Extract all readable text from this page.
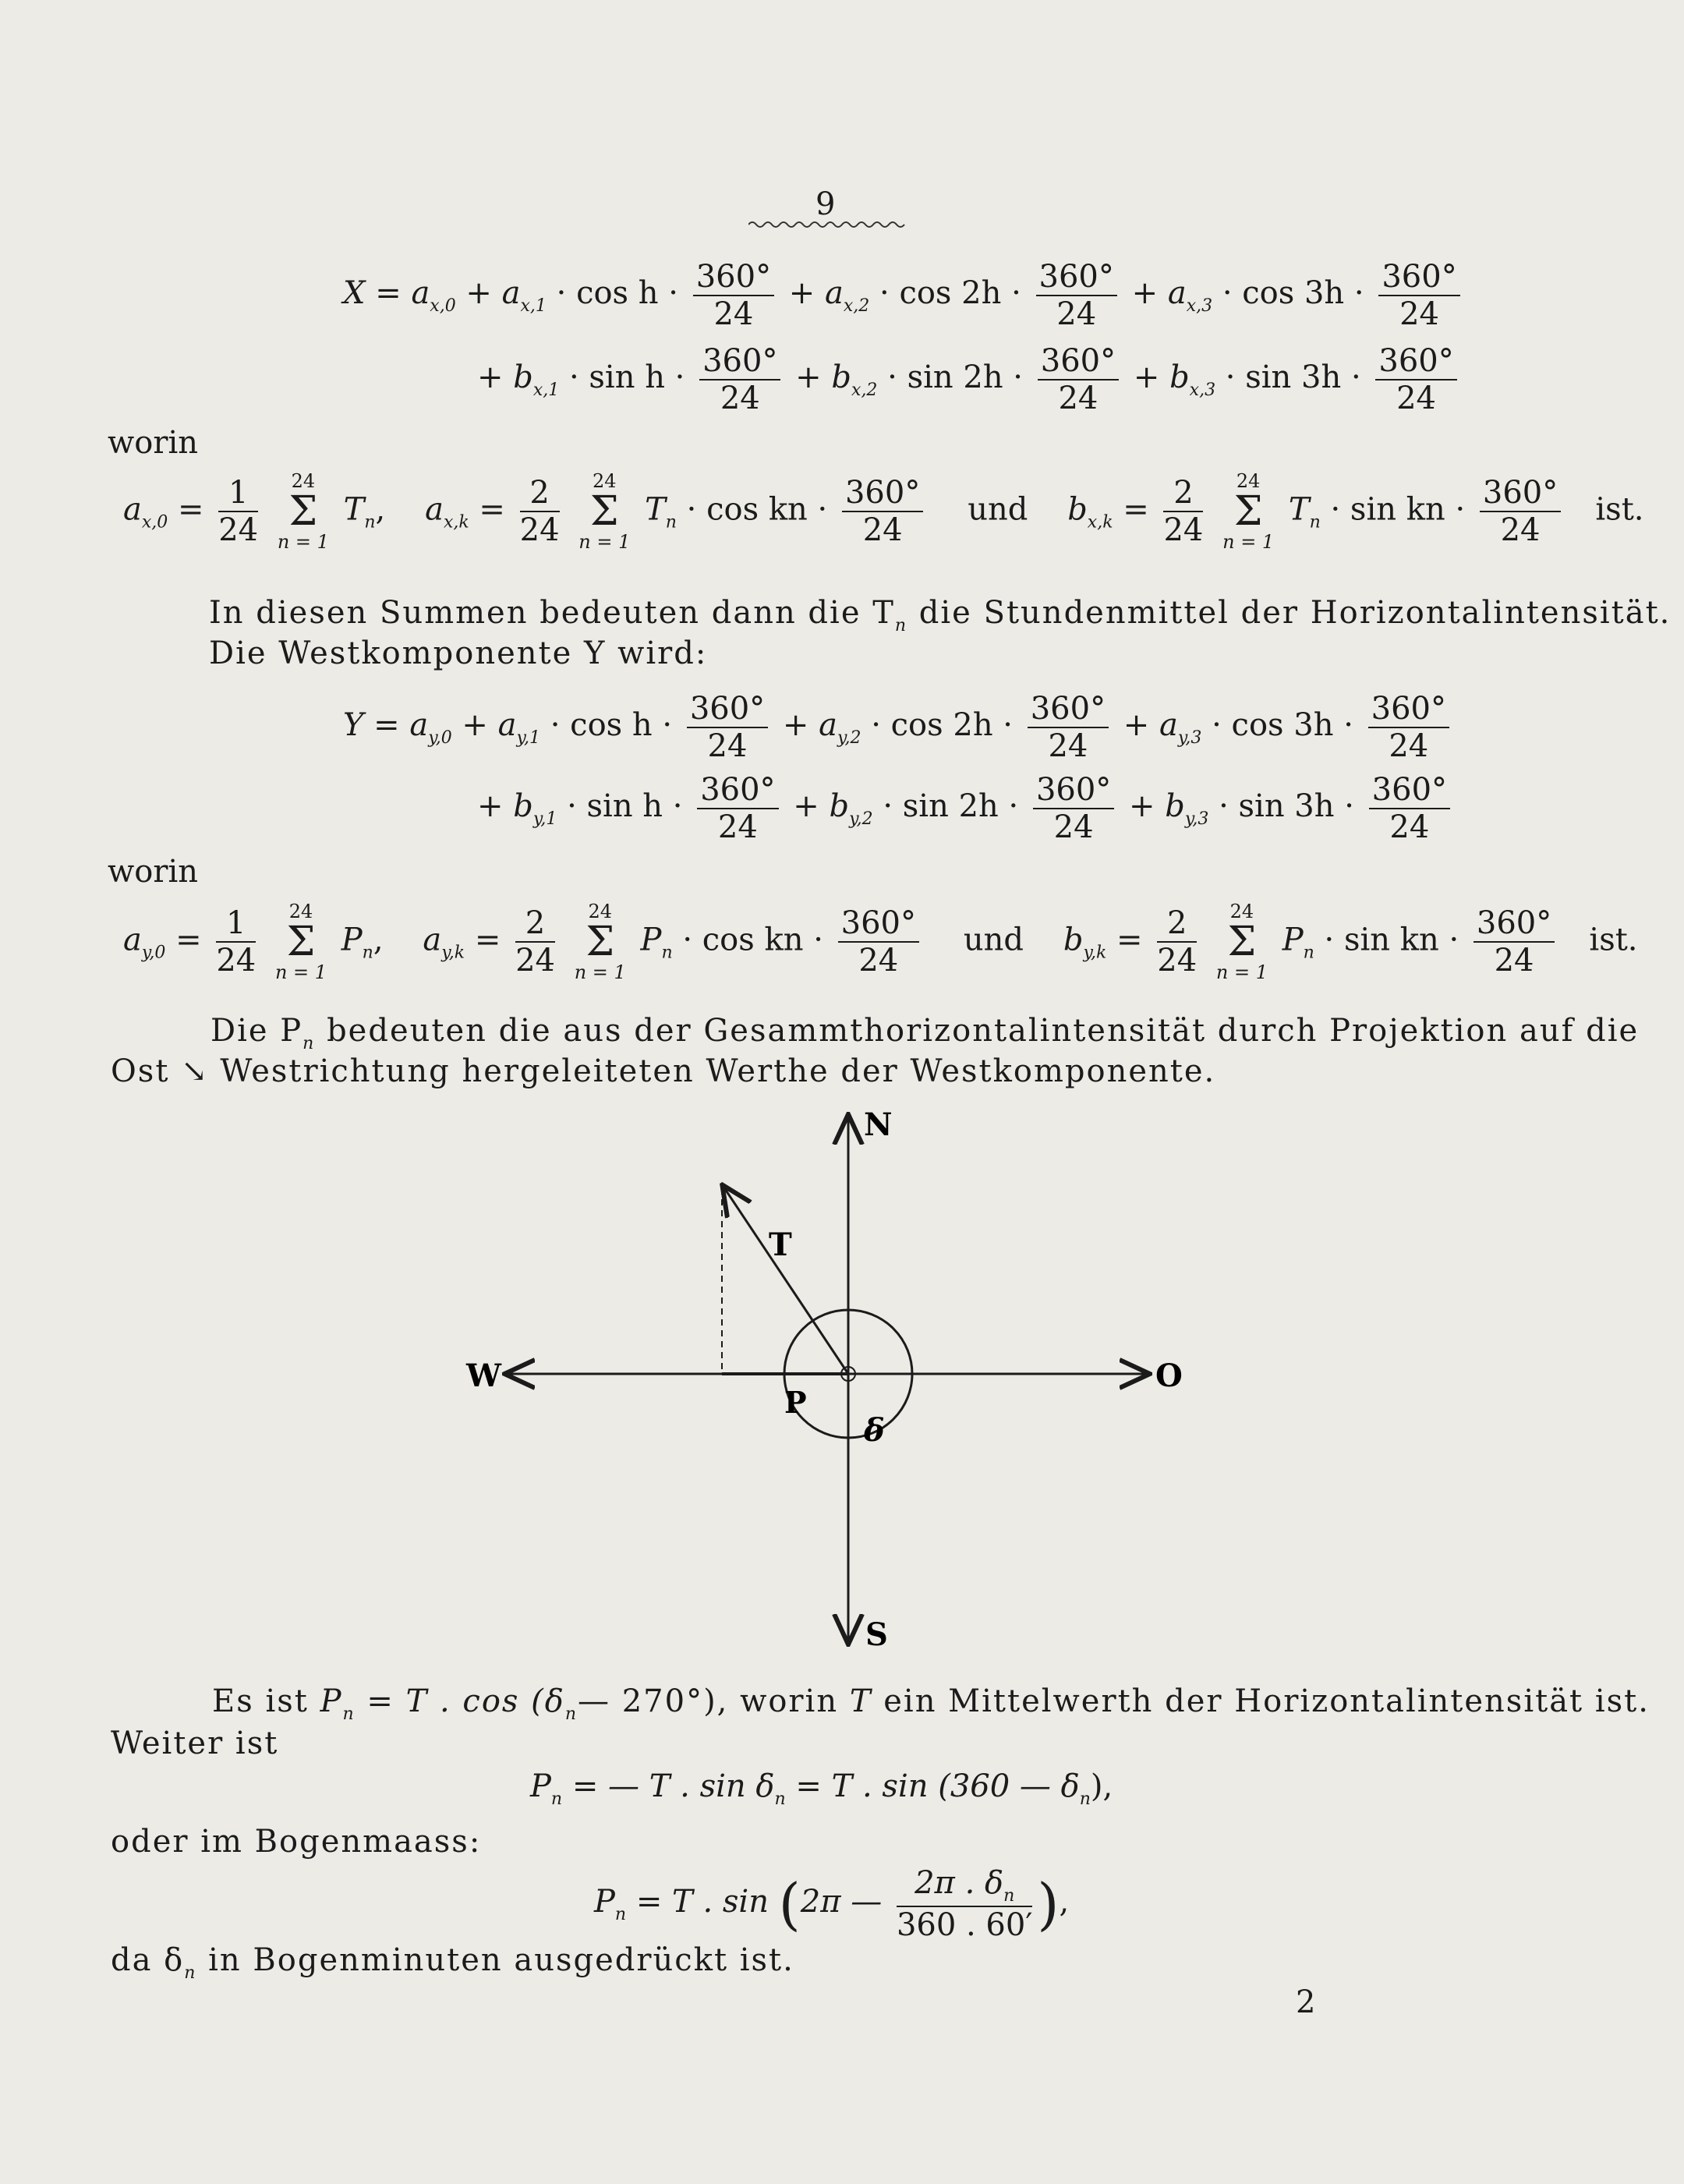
9
$X = a_{x,0} + a_{x,1} \cdot \cos h \cdot \frac{360^\circ}{24} + a_{x,2} \cdot \cos 2h \cdot \frac{360^\circ}{24} + a_{x,3} \cdot \cos 3h \cdot \frac{360^\circ}{24}$
+ $b_{x,1} \cdot \sin h \cdot \frac{360^\circ}{24} + b_{x,2} \cdot \sin 2h \cdot \frac{360^\circ}{24} + b_{x,3} \cdot \sin 3h \cdot \frac{360^\circ}{24}$
worin
$a_{x,0} = \frac{1}{24}$
	24
Σ
n = 1
$T_n$,    $a_{x,k} = \frac{2}{24}$
	24
Σ
n = 1
$T_n \cdot \cos$ kn · $\frac{360^\circ}{24}$ und $b_{x,k} = \frac{2}{24}$
	24
Σ
n = 1
$T_n \cdot \sin$ kn · $\frac{360^\circ}{24}$ ist.
In diesen Summen bedeuten dann die $T_n$ die Stundenmittel der Horizontalintensität.
Die Westkomponente Y wird:
$Y = a_{y,0} + a_{y,1} \cdot \cos h \cdot \frac{360^\circ}{24} + a_{y,2} \cdot \cos 2h \cdot \frac{360^\circ}{24} + a_{y,3} \cdot \cos 3h \cdot \frac{360^\circ}{24}$
+ $b_{y,1} \cdot \sin h \cdot \frac{360^\circ}{24} + b_{y,2} \cdot \sin 2h \cdot \frac{360^\circ}{24} + b_{y,3} \cdot \sin 3h \cdot \frac{360^\circ}{24}$
worin
$a_{y,0} = \frac{1}{24}$
	24
Σ
n = 1
$P_n$,    $a_{y,k} = \frac{2}{24}$
	24
Σ
n = 1
$P_n \cdot \cos$ kn · $\frac{360^\circ}{24}$ und $b_{y,k} = \frac{2}{24}$
	24
Σ
n = 1
$P_n \cdot \sin$ kn · $\frac{360^\circ}{24}$ ist.
Die $P_n$ bedeuten die aus der Gesammthorizontalintensität durch Projektion auf die
Ost ↘ Westrichtung hergeleiteten Werthe der Westkomponente.
N
S
W	O
T
P
δ
Es ist $P_n = T$ . $\cos (\delta_n—$ 270°), worin T ein Mittelwerth der Horizontalintensität ist.
Weiter ist
$P_n$ = — T . $\sin \delta_n = T$ . sin (360 — $\delta_n$),
oder im Bogenmaass:
$P_n = T$ . sin (2π — $\frac{2\pi . \delta_n}{360 . 60'}$ ),
da $\delta_n$ in Bogenminuten ausgedrückt ist.
2
